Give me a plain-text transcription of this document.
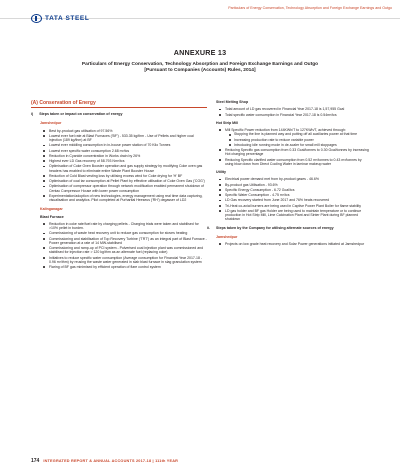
TATA STEEL
Particulars of Energy Conservation, Technology Absorption and Foreign Exchange Earnings and Outgo
ANNEXURE 13
Particulars of Energy Conservation, Technology Absorption and Foreign Exchange Earnings and Outgo
[Pursuant to Companies (Accounts) Rules, 2014]
(A) Conservation of Energy
i) Steps taken or impact on conservation of energy
Jamshedpur
Best by-product gas utilisation of 97.56%
Lowest ever fuel rate at Blast Furnaces ('BF') - 533.35 kg/thm - Use of Pellets and higher coal injection (189 kg/thm) at BF
Lowest ever middling consumption in in-house power station of 70 Kilo Tonnes
Lowest ever specific water consumption 2.68 m³/tcs
Reduction in Cyanide concentration in Works drain by 26%
Highest ever LD Gas recovery of 58.793 Nm³/tcs
Optimisation of Coke Oven Booster operation and gas supply strategy by modifying Coke oven gas headers has enabled to eliminate entire Waste Plant Booster House
Reduction of Cold Blast vesting loss by utilising excess wind for Coke drying for 'H' BF
Optimisation of coal tar consumption at Pellet Plant by effective utilisation of Coke Oven Gas ('COG')
Optimisation of compressor operation through network modification enabled permanent shutdown of Centac Compressor House with lower power consumption
Experimentation/adoption of new technologies, energy management using real time data capturing, visualisation and analytics. Pilot completed at Purhartial Heeseus ('RH') degasser of LD2
Kalinganagar
Blast Furnace
Reduction in coke rate/fuel rate by charging pellets - Charging trials were taken and stabilised for >10% pellet in burden.
Commissioning of waste heat recovery unit to reduce gas consumption for stoves heating
Commissioning and stabilisation of Top Recovery Turbine ('TRT') as an integral part of Blast Furnace - Power generation at a rate of 14 MW-stabilised
Commissioning and ramp-up of PCI system - Pulverised coal injection plant was commissioned and stabilised for injection rate > 120 kg/thm as an alternate fuel (replacing coke)
Initiatives to reduce specific water consumption (Average consumption for Financial Year 2017-18 - 0.96 m³/thm) by reusing the waste water generated in slab blast furnace in slag granulation system
Flaring of BF gas minimised by efficient operation of flare control system
Steel Melting Shop
Total amount of LD gas recovered in Financial Year 2017-18 is 1,57,955 Gcal
Total specific water consumption in Financial Year 2017-18 is 0.54m³/tcs
Hot Strip Mill
Mill Specific Power reduction from 144KWh/T to 127KWh/T, achieved through:
Stopping the line is planned way and putting off all auxiliaries power at that time
Increasing production rate to reduce variable power
Introducing idle running mode in de-scaler for small mill stoppages
Reducing Specific gas consumption from 0.33 Gcal/tonnes to 0.30 Gcal/tonnes by increasing Hot charging percentage
Reducing Specific clarified water consumption from 0.52 m³/tonnes to 0.43 m³/tonnes by using blow down from Direct Cooling Water in laminar makeup water
Utility
Electrical power demand met from by-product gases - 46.6%
By-product gas Utilisation - 93.6%
Specific Energy Consumption - 6.72 Gcal/tcs
Specific Water Consumption - 4.75 m³/tcs
LD Gas recovery started from June 2017 and 76% heats recovered
Tri-Heat co-axial burners are being used in Captive Power Plant Boiler for flame stability
LD gas holder and BF gas Holder are being used to maintain temperature or to continue production in Hot Strip Mill, Lime Calcination Plant and Sinter Plant during BF planned shutdown
ii. Steps taken by the Company for utilising alternate sources of energy
Jamshedpur
Projects on low grade heat recovery and Solar Power generations initiated at Jamshedpur
174 INTEGRATED REPORT & ANNUAL ACCOUNTS 2017-18 | 111th YEAR
